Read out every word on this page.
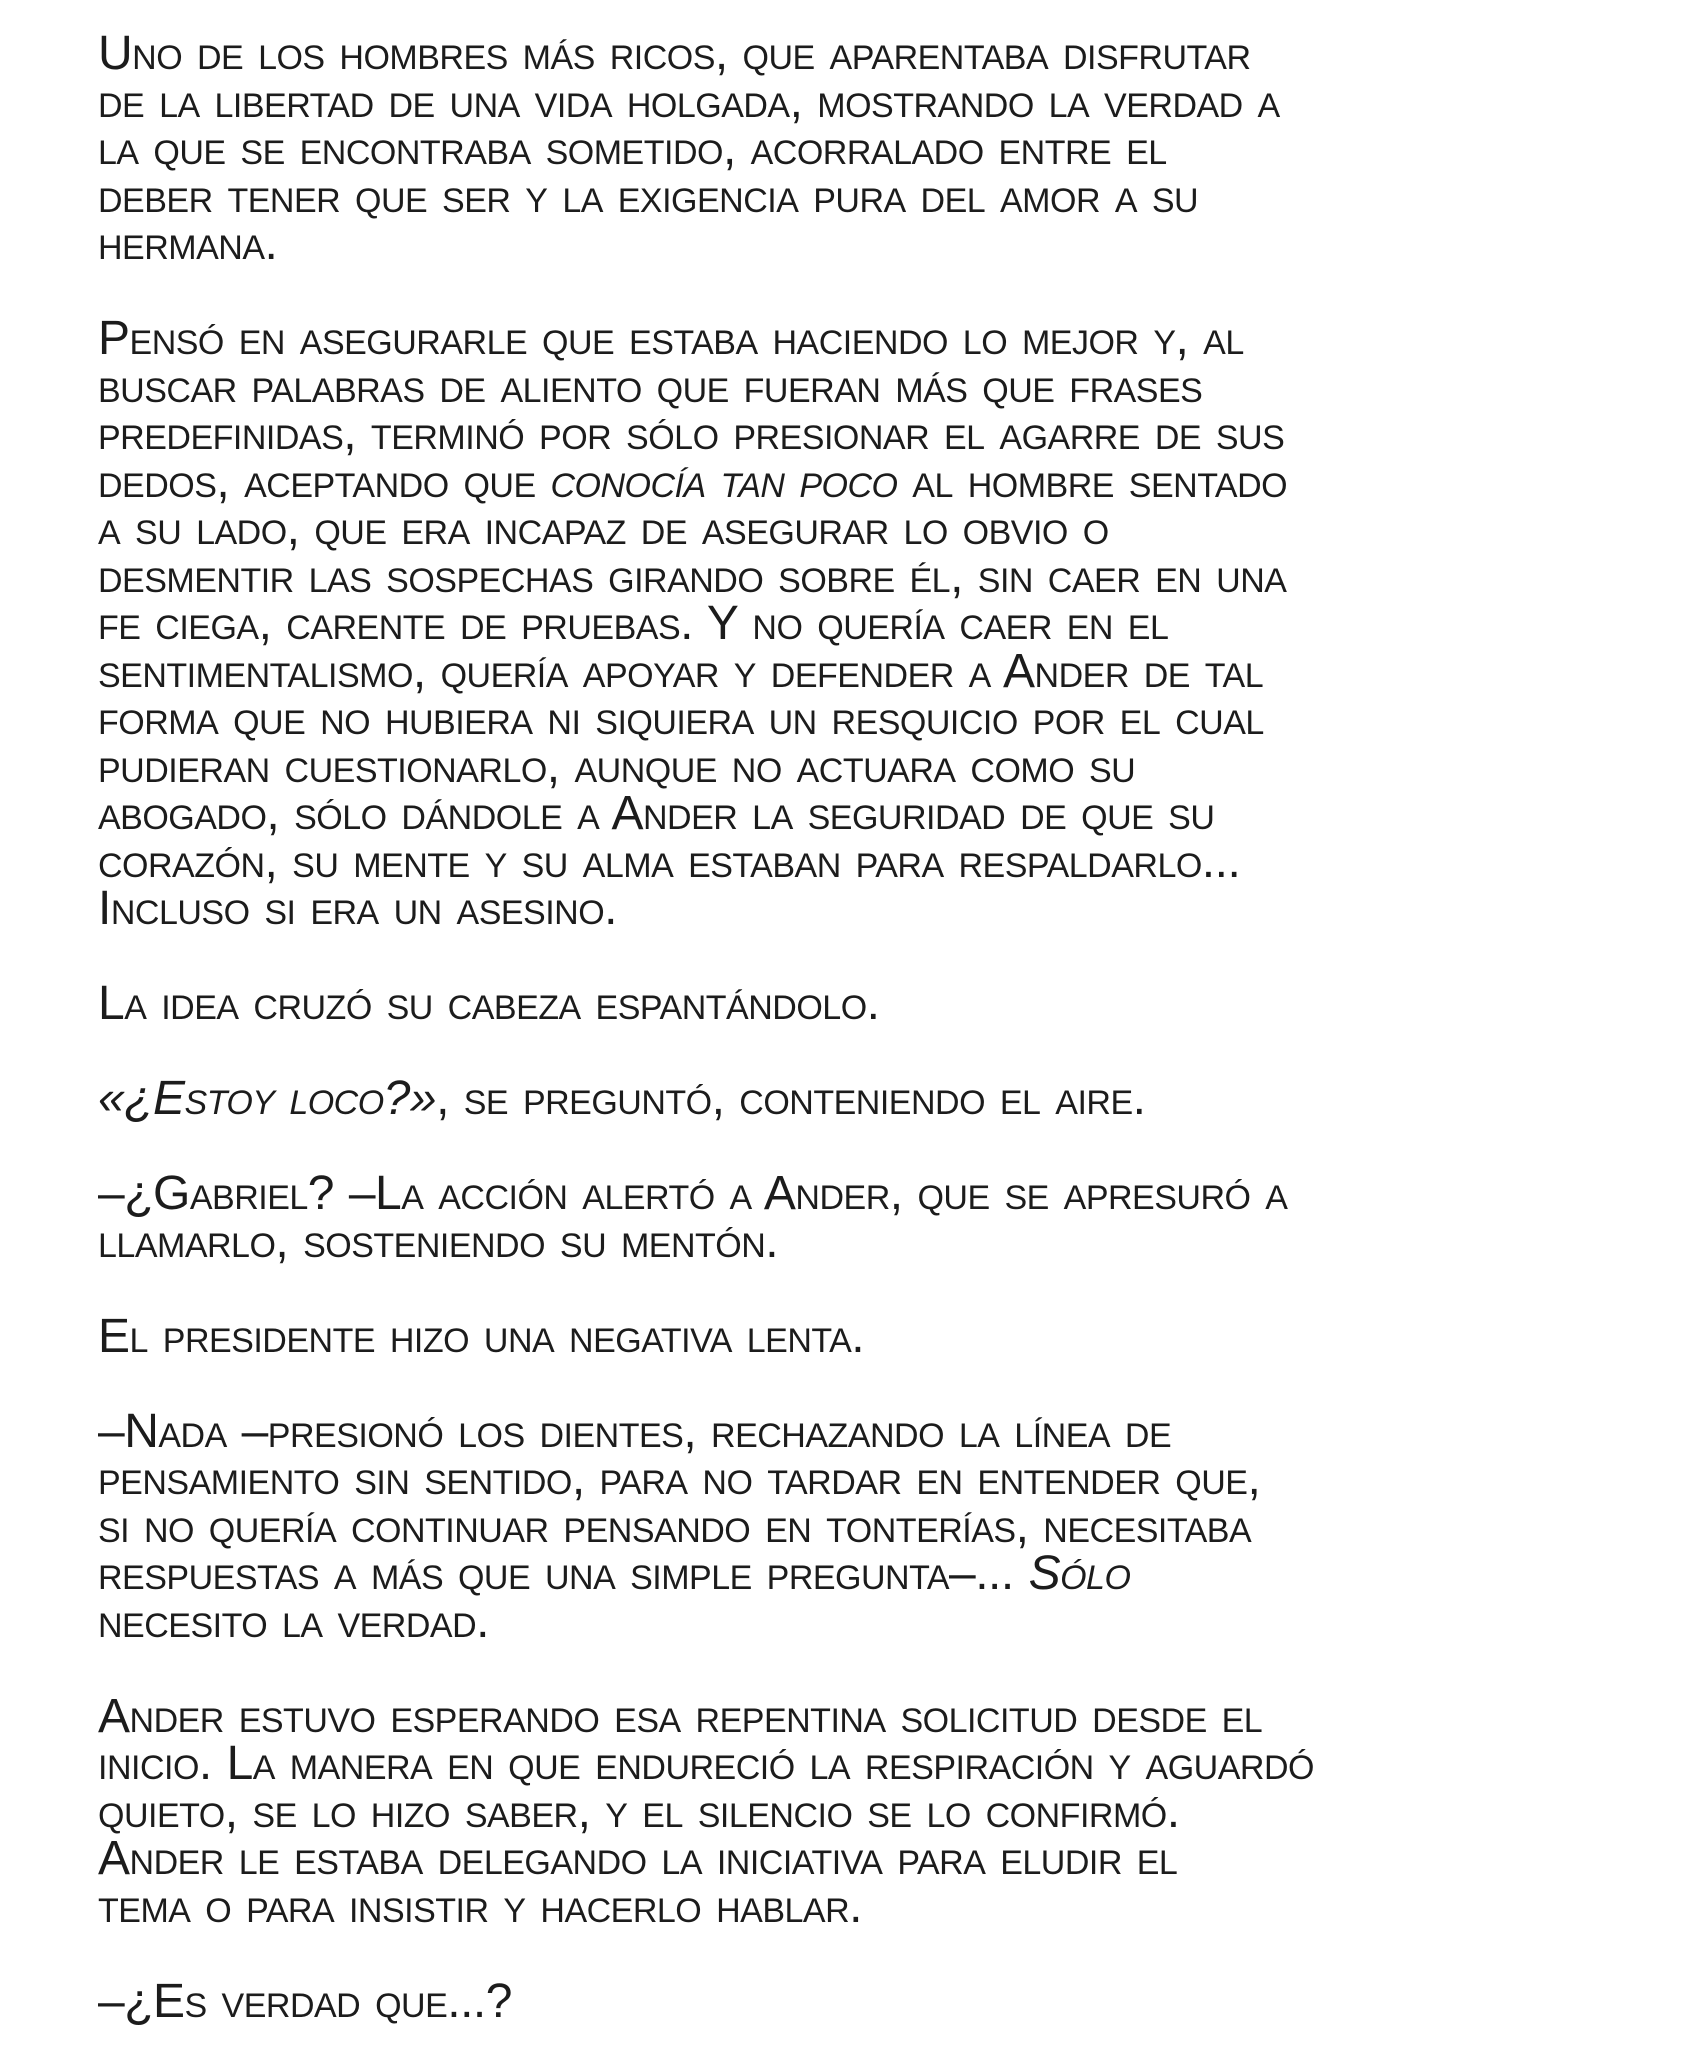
Uno de los hombres más ricos, que aparentaba disfrutar
de la libertad de una vida holgada, mostrando la verdad a
la que se encontraba sometido, acorralado entre el
deber tener que ser y la exigencia pura del amor a su
hermana.

Pensó en asegurarle que estaba haciendo lo mejor y, al
buscar palabras de aliento que fueran más que frases
predefinidas, terminó por sólo presionar el agarre de sus
dedos, aceptando que conocía tan poco al hombre sentado
a su lado, que era incapaz de asegurar lo obvio o
desmentir las sospechas girando sobre él, sin caer en una
fe ciega, carente de pruebas. Y no quería caer en el
sentimentalismo, quería apoyar y defender a Ander de tal
forma que no hubiera ni siquiera un resquicio por el cual
pudieran cuestionarlo, aunque no actuara como su
abogado, sólo dándole a Ander la seguridad de que su
corazón, su mente y su alma estaban para respaldarlo...
Incluso si era un asesino.

La idea cruzó su cabeza espantándolo.

«¿Estoy loco?», se preguntó, conteniendo el aire.

–¿Gabriel? –La acción alertó a Ander, que se apresuró a
llamarlo, sosteniendo su mentón.

El presidente hizo una negativa lenta.

–Nada –presionó los dientes, rechazando la línea de
pensamiento sin sentido, para no tardar en entender que,
si no quería continuar pensando en tonterías, necesitaba
respuestas a más que una simple pregunta–... Sólo
necesito la verdad.

Ander estuvo esperando esa repentina solicitud desde el
inicio. La manera en que endureció la respiración y aguardó
quieto, se lo hizo saber, y el silencio se lo confirmó.
Ander le estaba delegando la iniciativa para eludir el
tema o para insistir y hacerlo hablar.

–¿Es verdad que...?
